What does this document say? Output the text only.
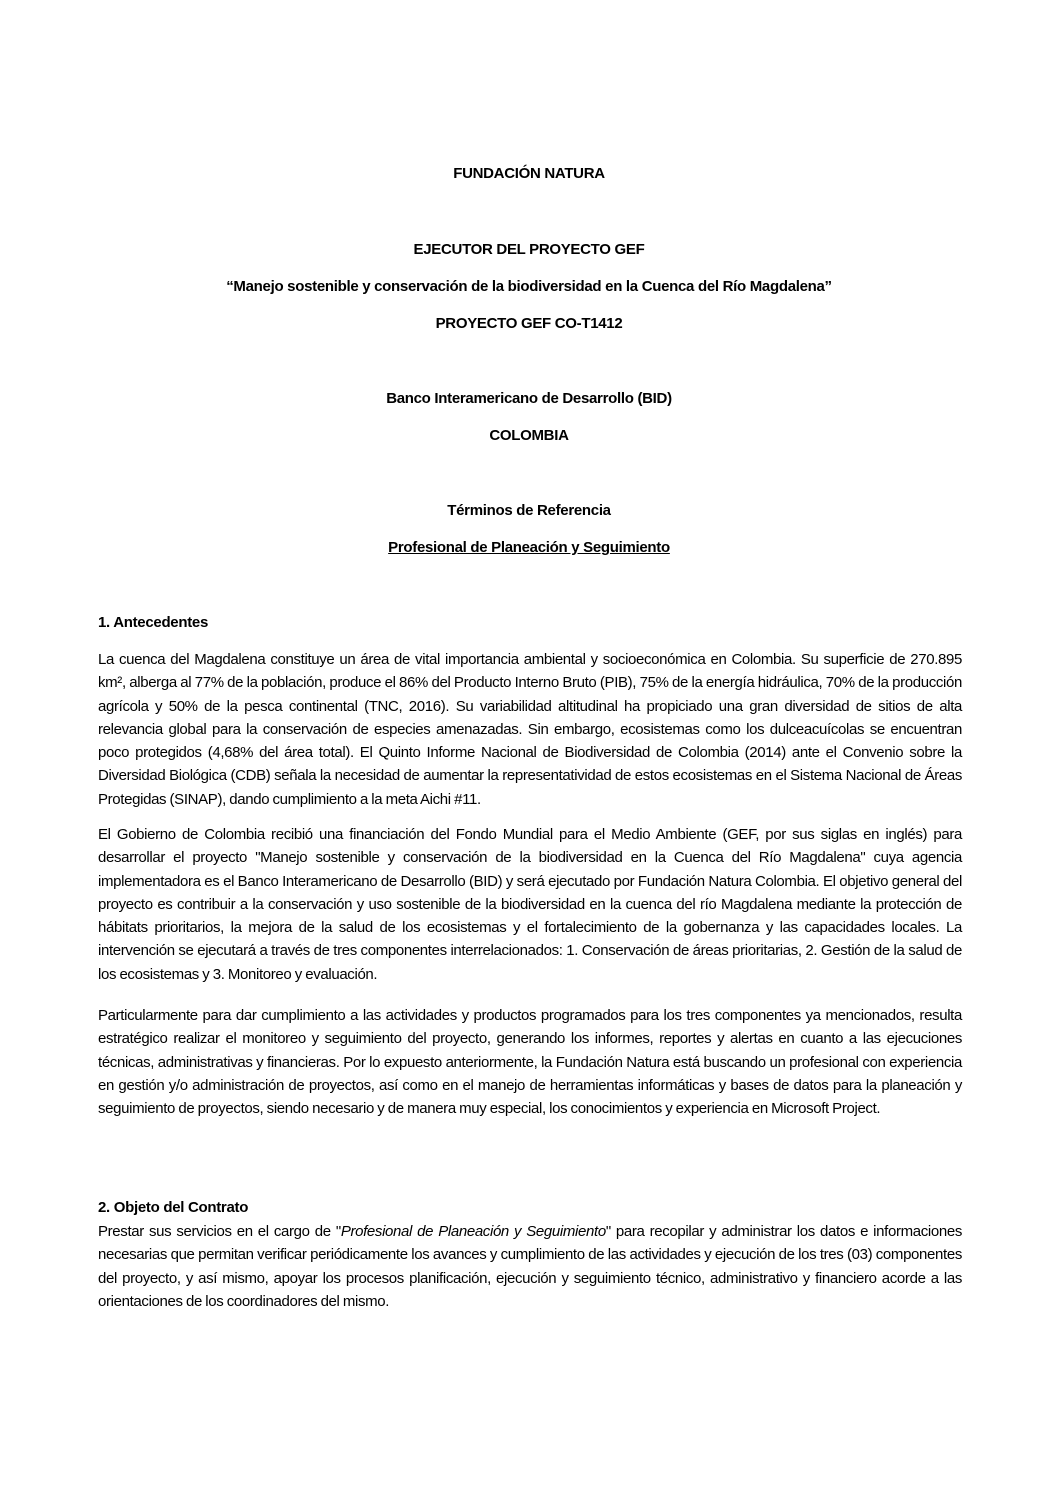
FUNDACIÓN NATURA
EJECUTOR DEL PROYECTO GEF
“Manejo sostenible y conservación de la biodiversidad en la Cuenca del Río Magdalena”
PROYECTO GEF CO-T1412
Banco Interamericano de Desarrollo (BID)
COLOMBIA
Términos de Referencia
Profesional de Planeación y Seguimiento
1. Antecedentes
La cuenca del Magdalena constituye un área de vital importancia ambiental y socioeconómica en Colombia. Su superficie de 270.895 km², alberga al 77% de la población, produce el 86% del Producto Interno Bruto (PIB), 75% de la energía hidráulica, 70% de la producción agrícola y 50% de la pesca continental (TNC, 2016). Su variabilidad altitudinal ha propiciado una gran diversidad de sitios de alta relevancia global para la conservación de especies amenazadas. Sin embargo, ecosistemas como los dulceacuícolas se encuentran poco protegidos (4,68% del área total). El Quinto Informe Nacional de Biodiversidad de Colombia (2014) ante el Convenio sobre la Diversidad Biológica (CDB) señala la necesidad de aumentar la representatividad de estos ecosistemas en el Sistema Nacional de Áreas Protegidas (SINAP), dando cumplimiento a la meta Aichi #11.
El Gobierno de Colombia recibió una financiación del Fondo Mundial para el Medio Ambiente (GEF, por sus siglas en inglés) para desarrollar el proyecto "Manejo sostenible y conservación de la biodiversidad en la Cuenca del Río Magdalena" cuya agencia implementadora es el Banco Interamericano de Desarrollo (BID) y será ejecutado por Fundación Natura Colombia. El objetivo general del proyecto es contribuir a la conservación y uso sostenible de la biodiversidad en la cuenca del río Magdalena mediante la protección de hábitats prioritarios, la mejora de la salud de los ecosistemas y el fortalecimiento de la gobernanza y las capacidades locales. La intervención se ejecutará a través de tres componentes interrelacionados: 1. Conservación de áreas prioritarias, 2. Gestión de la salud de los ecosistemas y 3. Monitoreo y evaluación.
Particularmente para dar cumplimiento a las actividades y productos programados para los tres componentes ya mencionados, resulta estratégico realizar el monitoreo y seguimiento del proyecto, generando los informes, reportes y alertas en cuanto a las ejecuciones técnicas, administrativas y financieras. Por lo expuesto anteriormente, la Fundación Natura está buscando un profesional con experiencia en gestión y/o administración de proyectos, así como en el manejo de herramientas informáticas y bases de datos para la planeación y seguimiento de proyectos, siendo necesario y de manera muy especial, los conocimientos y experiencia en Microsoft Project.
2. Objeto del Contrato
Prestar sus servicios en el cargo de "Profesional de Planeación y Seguimiento" para recopilar y administrar los datos e informaciones necesarias que permitan verificar periódicamente los avances y cumplimiento de las actividades y ejecución de los tres (03) componentes del proyecto, y así mismo, apoyar los procesos planificación, ejecución y seguimiento técnico, administrativo y financiero acorde a las orientaciones de los coordinadores del mismo.
